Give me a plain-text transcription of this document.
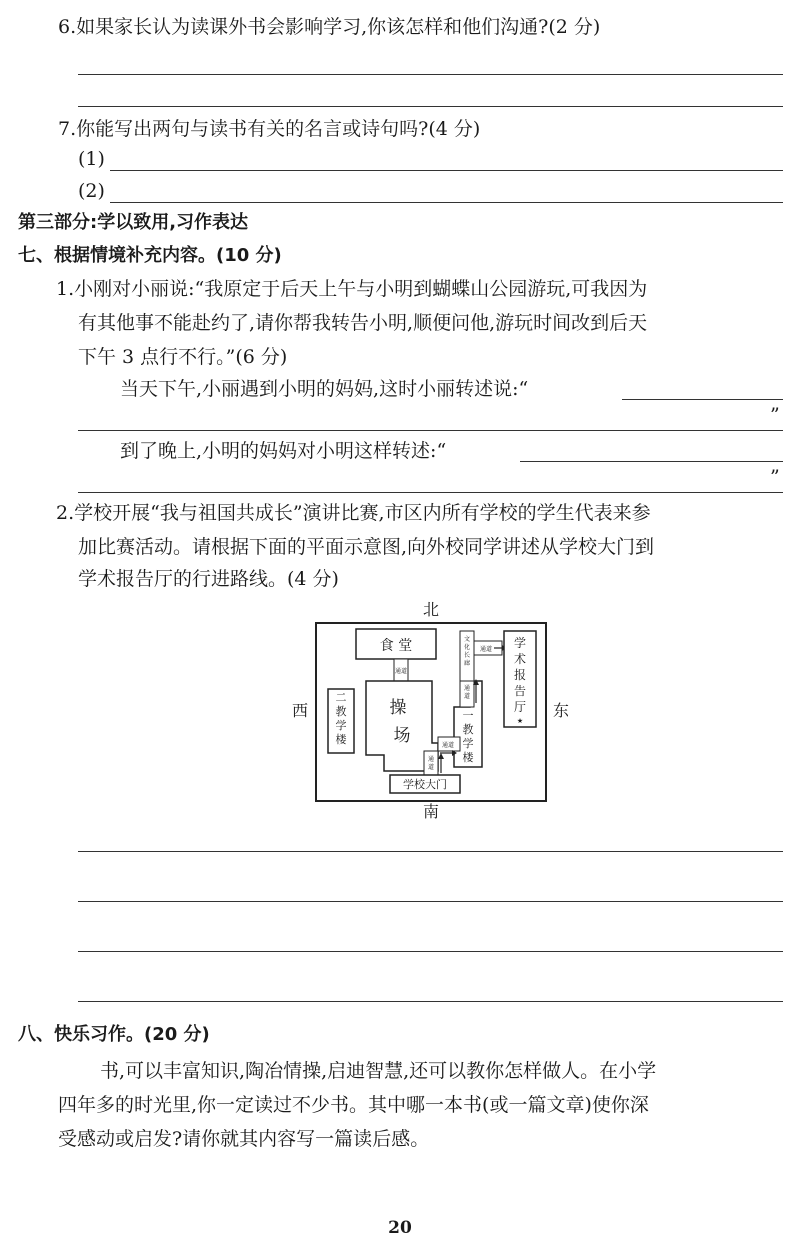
6.如果家长认为读课外书会影响学习,你该怎样和他们沟通?(2 分)
7.你能写出两句与读书有关的名言或诗句吗?(4 分)
(1)
(2)
第三部分:学以致用,习作表达
七、根据情境补充内容。(10 分)
1.小刚对小丽说:“我原定于后天上午与小明到蝴蝶山公园游玩,可我因为
有其他事不能赴约了,请你帮我转告小明,顺便问他,游玩时间改到后天
下午 3 点行不行。”(6 分)
当天下午,小丽遇到小明的妈妈,这时小丽转述说:“
”
到了晚上,小明的妈妈对小明这样转述:“
”
2.学校开展“我与祖国共成长”演讲比赛,市区内所有学校的学生代表来参
加比赛活动。请根据下面的平面示意图,向外校同学讲述从学校大门到
学术报告厅的行进路线。(4 分)
北
南
西	东
食 堂
通道
操
场
二
教
学
楼
一
教
学
楼
文
化
长
廊
通道 学
术
报
告
厅
★
通
道
通道
通
道
学校大门
八、快乐习作。(20 分)
书,可以丰富知识,陶冶情操,启迪智慧,还可以教你怎样做人。在小学
四年多的时光里,你一定读过不少书。其中哪一本书(或一篇文章)使你深
受感动或启发?请你就其内容写一篇读后感。
20
